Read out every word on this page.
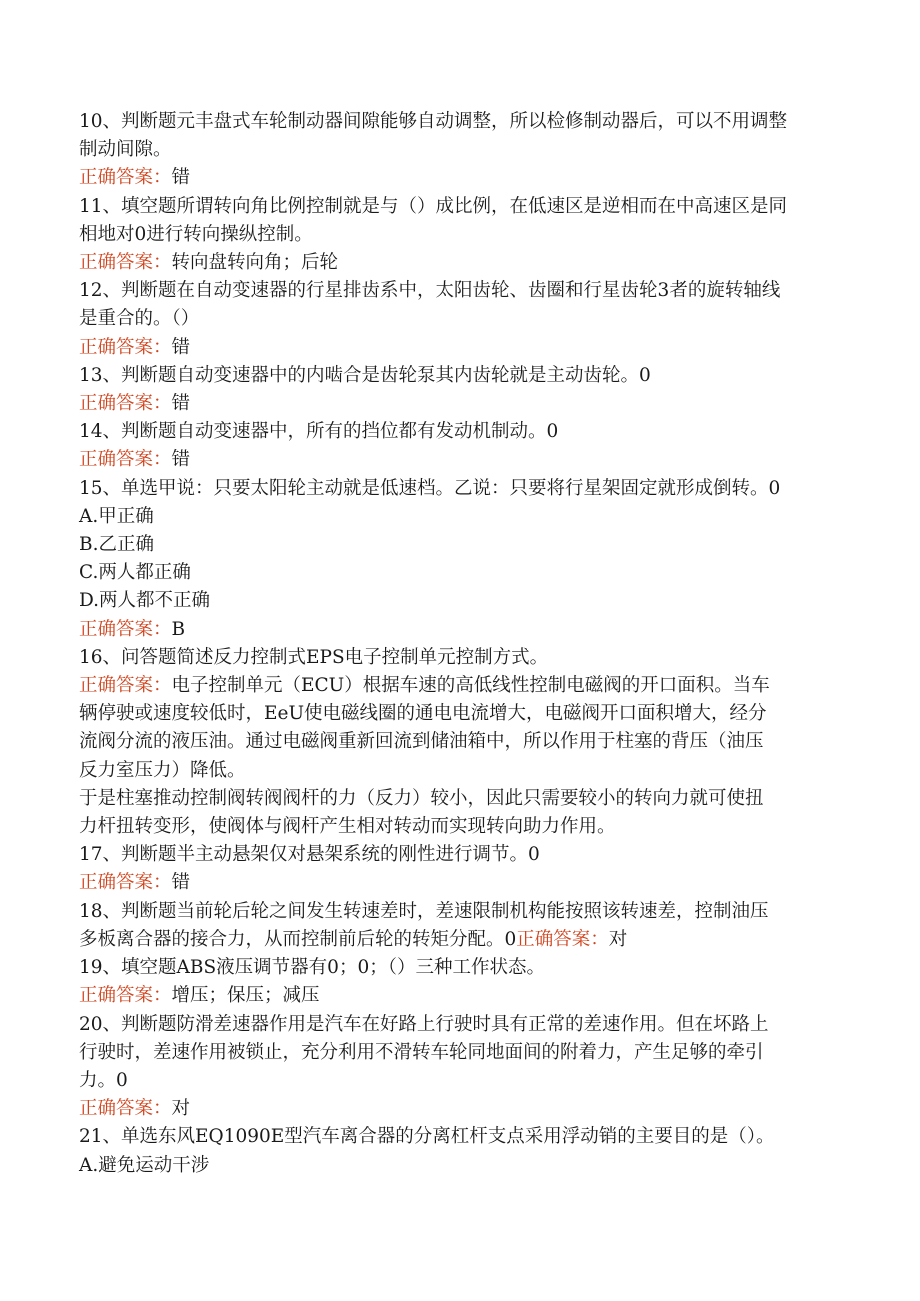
10、判断题元丰盘式车轮制动器间隙能够自动调整，所以检修制动器后，可以不用调整
制动间隙。
正确答案：错
11、填空题所谓转向角比例控制就是与（）成比例，在低速区是逆相而在中高速区是同
相地对0进行转向操纵控制。
正确答案：转向盘转向角；后轮
12、判断题在自动变速器的行星排齿系中，太阳齿轮、齿圈和行星齿轮3者的旋转轴线
是重合的。（）
正确答案：错
13、判断题自动变速器中的内啮合是齿轮泵其内齿轮就是主动齿轮。0
正确答案：错
14、判断题自动变速器中，所有的挡位都有发动机制动。0
正确答案：错
15、单选甲说：只要太阳轮主动就是低速档。乙说：只要将行星架固定就形成倒转。0
A.甲正确
B.乙正确
C.两人都正确
D.两人都不正确
正确答案：B
16、问答题简述反力控制式EPS电子控制单元控制方式。
正确答案：电子控制单元（ECU）根据车速的高低线性控制电磁阀的开口面积。当车
辆停驶或速度较低时，EeU使电磁线圈的通电电流增大，电磁阀开口面积增大，经分
流阀分流的液压油。通过电磁阀重新回流到储油箱中，所以作用于柱塞的背压（油压
反力室压力）降低。
于是柱塞推动控制阀转阀阀杆的力（反力）较小，因此只需要较小的转向力就可使扭
力杆扭转变形，使阀体与阀杆产生相对转动而实现转向助力作用。
17、判断题半主动悬架仅对悬架系统的刚性进行调节。0
正确答案：错
18、判断题当前轮后轮之间发生转速差时，差速限制机构能按照该转速差，控制油压
多板离合器的接合力，从而控制前后轮的转矩分配。0正确答案：对
19、填空题ABS液压调节器有0；0；（）三种工作状态。
正确答案：增压；保压；减压
20、判断题防滑差速器作用是汽车在好路上行驶时具有正常的差速作用。但在坏路上
行驶时，差速作用被锁止，充分利用不滑转车轮同地面间的附着力，产生足够的牵引
力。0
正确答案：对
21、单选东风EQ1090E型汽车离合器的分离杠杆支点采用浮动销的主要目的是（）。
A.避免运动干涉
